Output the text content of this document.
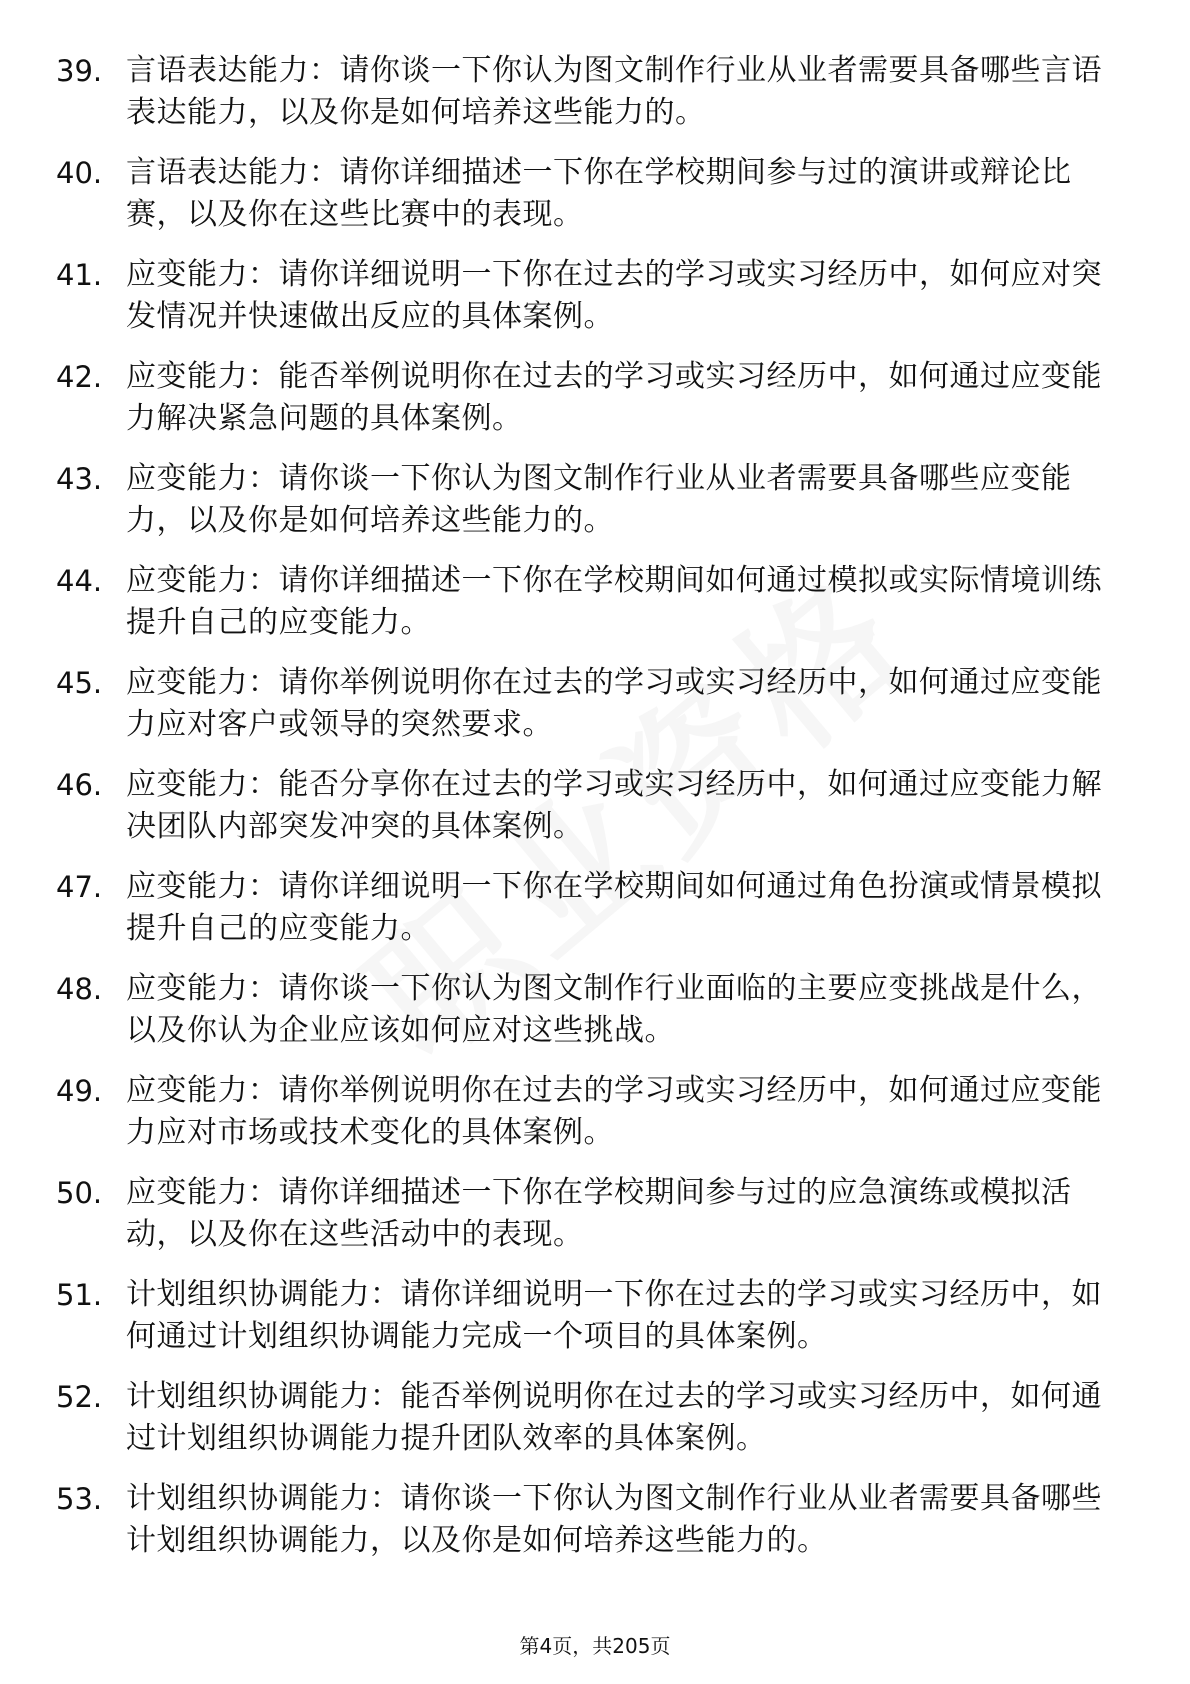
39. 言语表达能力：请你谈一下你认为图文制作行业从业者需要具备哪些言语表达能力，以及你是如何培养这些能力的。
40. 言语表达能力：请你详细描述一下你在学校期间参与过的演讲或辩论比赛，以及你在这些比赛中的表现。
41. 应变能力：请你详细说明一下你在过去的学习或实习经历中，如何应对突发情况并快速做出反应的具体案例。
42. 应变能力：能否举例说明你在过去的学习或实习经历中，如何通过应变能力解决紧急问题的具体案例。
43. 应变能力：请你谈一下你认为图文制作行业从业者需要具备哪些应变能力，以及你是如何培养这些能力的。
44. 应变能力：请你详细描述一下你在学校期间如何通过模拟或实际情境训练提升自己的应变能力。
45. 应变能力：请你举例说明你在过去的学习或实习经历中，如何通过应变能力应对客户或领导的突然要求。
46. 应变能力：能否分享你在过去的学习或实习经历中，如何通过应变能力解决团队内部突发冲突的具体案例。
47. 应变能力：请你详细说明一下你在学校期间如何通过角色扮演或情景模拟提升自己的应变能力。
48. 应变能力：请你谈一下你认为图文制作行业面临的主要应变挑战是什么，以及你认为企业应该如何应对这些挑战。
49. 应变能力：请你举例说明你在过去的学习或实习经历中，如何通过应变能力应对市场或技术变化的具体案例。
50. 应变能力：请你详细描述一下你在学校期间参与过的应急演练或模拟活动，以及你在这些活动中的表现。
51. 计划组织协调能力：请你详细说明一下你在过去的学习或实习经历中，如何通过计划组织协调能力完成一个项目的具体案例。
52. 计划组织协调能力：能否举例说明你在过去的学习或实习经历中，如何通过计划组织协调能力提升团队效率的具体案例。
53. 计划组织协调能力：请你谈一下你认为图文制作行业从业者需要具备哪些计划组织协调能力，以及你是如何培养这些能力的。
第4页，共205页
